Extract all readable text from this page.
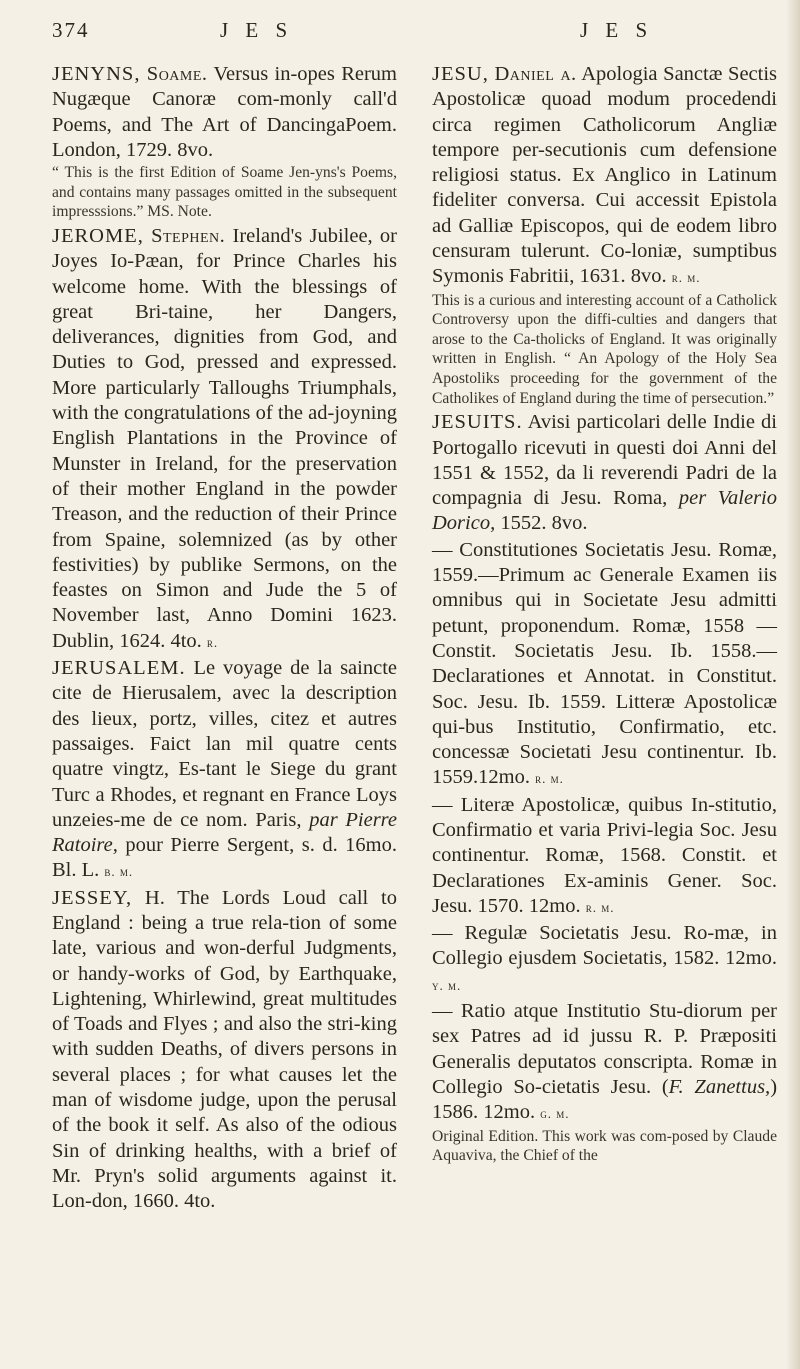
374	J E S	J E S

JENYNS, Soame. Versus in-opes Rerum Nugæque Canoræ com-monly call'd Poems, and The Art of DancingaPoem. London, 1729. 8vo.

“ This is the first Edition of Soame Jen-yns's Poems, and contains many passages omitted in the subsequent impresssions.” MS. Note.

JEROME, Stephen. Ireland's Jubilee, or Joyes Io-Pæan, for Prince Charles his welcome home. With the blessings of great Bri-taine, her Dangers, deliverances, dignities from God, and Duties to God, pressed and expressed. More particularly Talloughs Triumphals, with the congratulations of the ad-joyning English Plantations in the Province of Munster in Ireland, for the preservation of their mother England in the powder Treason, and the reduction of their Prince from Spaine, solemnized (as by other festivities) by publike Sermons, on the feastes on Simon and Jude the 5 of November last, Anno Domini 1623. Dublin, 1624. 4to. r.

JERUSALEM. Le voyage de la saincte cite de Hierusalem, avec la description des lieux, portz, villes, citez et autres passaiges. Faict lan mil quatre cents quatre vingtz, Es-tant le Siege du grant Turc a Rhodes, et regnant en France Loys unzeies-me de ce nom. Paris, par Pierre Ratoire, pour Pierre Sergent, s. d. 16mo. Bl. L. b. m.

JESSEY, H. The Lords Loud call to England : being a true rela-tion of some late, various and won-derful Judgments, or handy-works of God, by Earthquake, Lightening, Whirlewind, great multitudes of Toads and Flyes ; and also the stri-king with sudden Deaths, of divers persons in several places ; for what causes let the man of wisdome judge, upon the perusal of the book it self. As also of the odious Sin of drinking healths, with a brief of Mr. Pryn's solid arguments against it. Lon-don, 1660. 4to.

JESU, Daniel a. Apologia Sanctæ Sectis Apostolicæ quoad modum procedendi circa regimen Catholicorum Angliæ tempore per-secutionis cum defensione religiosi status. Ex Anglico in Latinum fideliter conversa. Cui accessit Epistola ad Galliæ Episcopos, qui de eodem libro censuram tulerunt. Co-loniæ, sumptibus Symonis Fabritii, 1631. 8vo. r. m.

This is a curious and interesting account of a Catholick Controversy upon the diffi-culties and dangers that arose to the Ca-tholicks of England. It was originally written in English. “ An Apology of the Holy Sea Apostoliks proceeding for the government of the Catholikes of England during the time of persecution.”

JESUITS. Avisi particolari delle Indie di Portogallo ricevuti in questi doi Anni del 1551 & 1552, da li reverendi Padri de la compagnia di Jesu. Roma, per Valerio Dorico, 1552. 8vo.

— Constitutiones Societatis Jesu. Romæ, 1559.—Primum ac Generale Examen iis omnibus qui in Societate Jesu admitti petunt, proponendum. Romæ, 1558 — Constit. Societatis Jesu. Ib. 1558.—Declarationes et Annotat. in Constitut. Soc. Jesu. Ib. 1559. Litteræ Apostolicæ qui-bus Institutio, Confirmatio, etc. concessæ Societati Jesu continentur. Ib. 1559.12mo. r. m.

— Literæ Apostolicæ, quibus In-stitutio, Confirmatio et varia Privi-legia Soc. Jesu continentur. Romæ, 1568. Constit. et Declarationes Ex-aminis Gener. Soc. Jesu. 1570. 12mo. r. m.

— Regulæ Societatis Jesu. Ro-mæ, in Collegio ejusdem Societatis, 1582. 12mo. y. m.

— Ratio atque Institutio Stu-diorum per sex Patres ad id jussu R. P. Præpositi Generalis deputatos conscripta. Romæ in Collegio So-cietatis Jesu. (F. Zanettus,) 1586. 12mo. g. m.

Original Edition. This work was com-posed by Claude Aquaviva, the Chief of the
